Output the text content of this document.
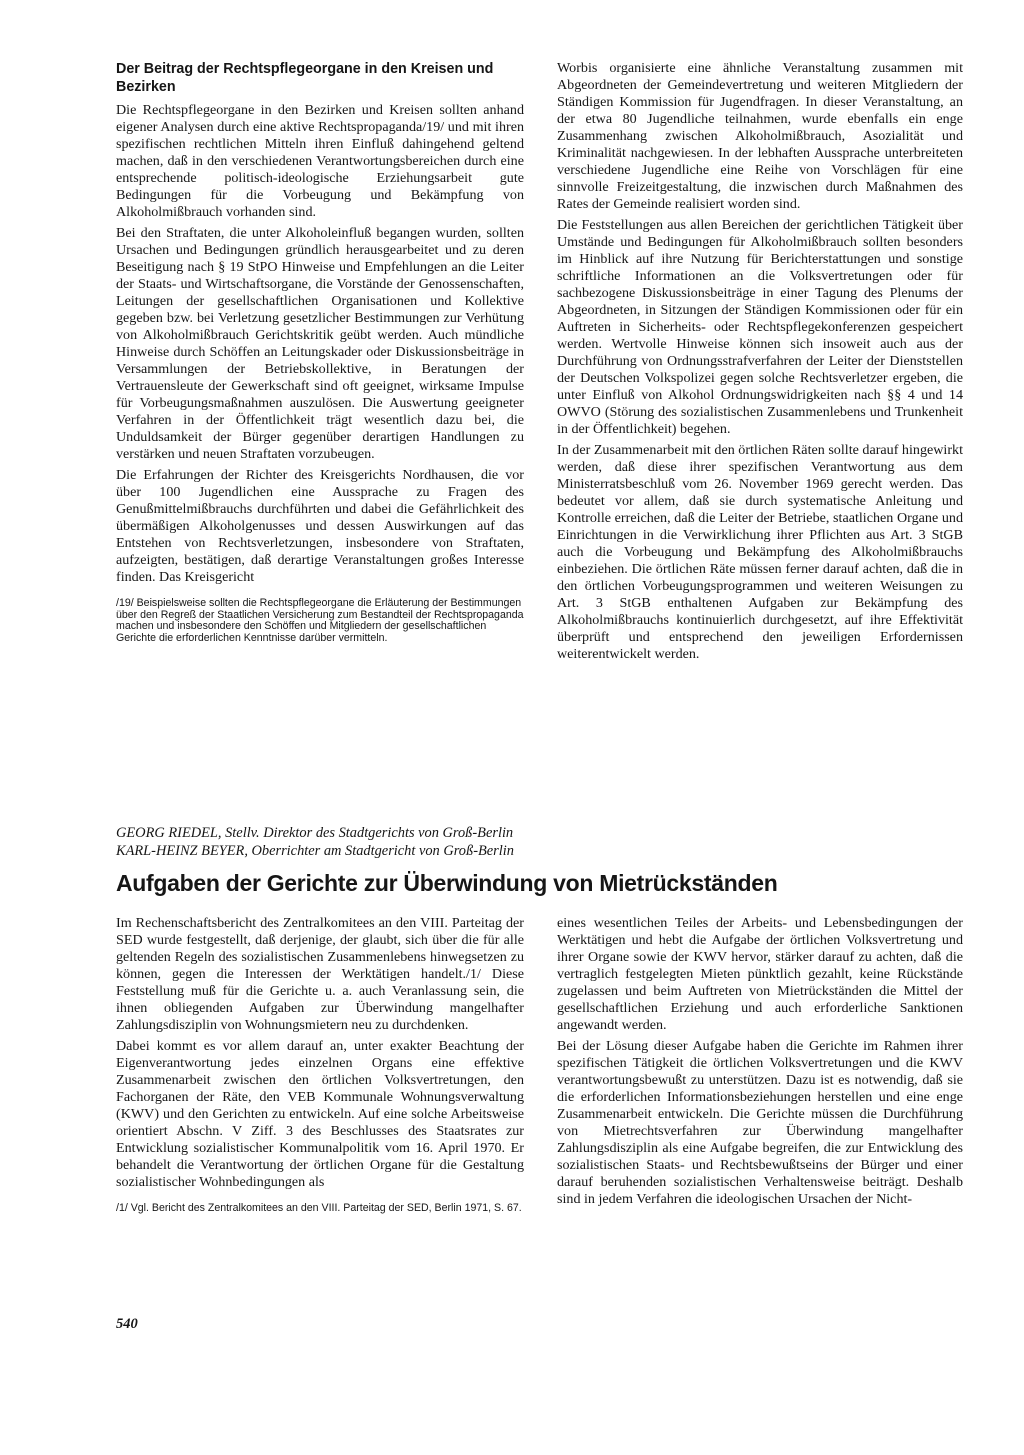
Der Beitrag der Rechtspflegeorgane in den Kreisen und Bezirken

Die Rechtspflegeorgane in den Bezirken und Kreisen sollten anhand eigener Analysen durch eine aktive Rechtspropaganda/19/ und mit ihren spezifischen rechtlichen Mitteln ihren Einfluß dahingehend geltend machen, daß in den verschiedenen Verantwortungsbereichen durch eine entsprechende politisch-ideologische Erziehungsarbeit gute Bedingungen für die Vorbeugung und Bekämpfung von Alkoholmißbrauch vorhanden sind.

Bei den Straftaten, die unter Alkoholeinfluß begangen wurden, sollten Ursachen und Bedingungen gründlich herausgearbeitet und zu deren Beseitigung nach § 19 StPO Hinweise und Empfehlungen an die Leiter der Staats- und Wirtschaftsorgane, die Vorstände der Genossenschaften, Leitungen der gesellschaftlichen Organisationen und Kollektive gegeben bzw. bei Verletzung gesetzlicher Bestimmungen zur Verhütung von Alkoholmißbrauch Gerichtskritik geübt werden. Auch mündliche Hinweise durch Schöffen an Leitungskader oder Diskussionsbeiträge in Versammlungen der Betriebskollektive, in Beratungen der Vertrauensleute der Gewerkschaft sind oft geeignet, wirksame Impulse für Vorbeugungsmaßnahmen auszulösen. Die Auswertung geeigneter Verfahren in der Öffentlichkeit trägt wesentlich dazu bei, die Unduldsamkeit der Bürger gegenüber derartigen Handlungen zu verstärken und neuen Straftaten vorzubeugen.

Die Erfahrungen der Richter des Kreisgerichts Nordhausen, die vor über 100 Jugendlichen eine Aussprache zu Fragen des Genußmittelmißbrauchs durchführten und dabei die Gefährlichkeit des übermäßigen Alkoholgenusses und dessen Auswirkungen auf das Entstehen von Rechtsverletzungen, insbesondere von Straftaten, aufzeigten, bestätigen, daß derartige Veranstaltungen großes Interesse finden. Das Kreisgericht

/19/ Beispielsweise sollten die Rechtspflegeorgane die Erläuterung der Bestimmungen über den Regreß der Staatlichen Versicherung zum Bestandteil der Rechtspropaganda machen und insbesondere den Schöffen und Mitgliedern der gesellschaftlichen Gerichte die erforderlichen Kenntnisse darüber vermitteln.

Worbis organisierte eine ähnliche Veranstaltung zusammen mit Abgeordneten der Gemeindevertretung und weiteren Mitgliedern der Ständigen Kommission für Jugendfragen. In dieser Veranstaltung, an der etwa 80 Jugendliche teilnahmen, wurde ebenfalls ein enge Zusammenhang zwischen Alkoholmißbrauch, Asozialität und Kriminalität nachgewiesen. In der lebhaften Aussprache unterbreiteten verschiedene Jugendliche eine Reihe von Vorschlägen für eine sinnvolle Freizeitgestaltung, die inzwischen durch Maßnahmen des Rates der Gemeinde realisiert worden sind.

Die Feststellungen aus allen Bereichen der gerichtlichen Tätigkeit über Umstände und Bedingungen für Alkoholmißbrauch sollten besonders im Hinblick auf ihre Nutzung für Berichterstattungen und sonstige schriftliche Informationen an die Volksvertretungen oder für sachbezogene Diskussionsbeiträge in einer Tagung des Plenums der Abgeordneten, in Sitzungen der Ständigen Kommissionen oder für ein Auftreten in Sicherheits- oder Rechtspflegekonferenzen gespeichert werden. Wertvolle Hinweise können sich insoweit auch aus der Durchführung von Ordnungsstrafverfahren der Leiter der Dienststellen der Deutschen Volkspolizei gegen solche Rechtsverletzer ergeben, die unter Einfluß von Alkohol Ordnungswidrigkeiten nach §§ 4 und 14 OWVO (Störung des sozialistischen Zusammenlebens und Trunkenheit in der Öffentlichkeit) begehen.

In der Zusammenarbeit mit den örtlichen Räten sollte darauf hingewirkt werden, daß diese ihrer spezifischen Verantwortung aus dem Ministerratsbeschluß vom 26. November 1969 gerecht werden. Das bedeutet vor allem, daß sie durch systematische Anleitung und Kontrolle erreichen, daß die Leiter der Betriebe, staatlichen Organe und Einrichtungen in die Verwirklichung ihrer Pflichten aus Art. 3 StGB auch die Vorbeugung und Bekämpfung des Alkoholmißbrauchs einbeziehen. Die örtlichen Räte müssen ferner darauf achten, daß die in den örtlichen Vorbeugungsprogrammen und weiteren Weisungen zu Art. 3 StGB enthaltenen Aufgaben zur Bekämpfung des Alkoholmißbrauchs kontinuierlich durchgesetzt, auf ihre Effektivität überprüft und entsprechend den jeweiligen Erfordernissen weiterentwickelt werden.

GEORG RIEDEL, Stellv. Direktor des Stadtgerichts von Groß-Berlin
KARL-HEINZ BEYER, Oberrichter am Stadtgericht von Groß-Berlin
Aufgaben der Gerichte zur Überwindung von Mietrückständen

Im Rechenschaftsbericht des Zentralkomitees an den VIII. Parteitag der SED wurde festgestellt, daß derjenige, der glaubt, sich über die für alle geltenden Regeln des sozialistischen Zusammenlebens hinwegsetzen zu können, gegen die Interessen der Werktätigen handelt./1/ Diese Feststellung muß für die Gerichte u. a. auch Veranlassung sein, die ihnen obliegenden Aufgaben zur Überwindung mangelhafter Zahlungsdisziplin von Wohnungsmietern neu zu durchdenken.

Dabei kommt es vor allem darauf an, unter exakter Beachtung der Eigenverantwortung jedes einzelnen Organs eine effektive Zusammenarbeit zwischen den örtlichen Volksvertretungen, den Fachorganen der Räte, den VEB Kommunale Wohnungsverwaltung (KWV) und den Gerichten zu entwickeln. Auf eine solche Arbeitsweise orientiert Abschn. V Ziff. 3 des Beschlusses des Staatsrates zur Entwicklung sozialistischer Kommunalpolitik vom 16. April 1970. Er behandelt die Verantwortung der örtlichen Organe für die Gestaltung sozialistischer Wohnbedingungen als

/1/ Vgl. Bericht des Zentralkomitees an den VIII. Parteitag der SED, Berlin 1971, S. 67.

eines wesentlichen Teiles der Arbeits- und Lebensbedingungen der Werktätigen und hebt die Aufgabe der örtlichen Volksvertretung und ihrer Organe sowie der KWV hervor, stärker darauf zu achten, daß die vertraglich festgelegten Mieten pünktlich gezahlt, keine Rückstände zugelassen und beim Auftreten von Mietrückständen die Mittel der gesellschaftlichen Erziehung und auch erforderliche Sanktionen angewandt werden.

Bei der Lösung dieser Aufgabe haben die Gerichte im Rahmen ihrer spezifischen Tätigkeit die örtlichen Volksvertretungen und die KWV verantwortungsbewußt zu unterstützen. Dazu ist es notwendig, daß sie die erforderlichen Informationsbeziehungen herstellen und eine enge Zusammenarbeit entwickeln. Die Gerichte müssen die Durchführung von Mietrechtsverfahren zur Überwindung mangelhafter Zahlungsdisziplin als eine Aufgabe begreifen, die zur Entwicklung des sozialistischen Staats- und Rechtsbewußtseins der Bürger und einer darauf beruhenden sozialistischen Verhaltensweise beiträgt. Deshalb sind in jedem Verfahren die ideologischen Ursachen der Nicht-

540
